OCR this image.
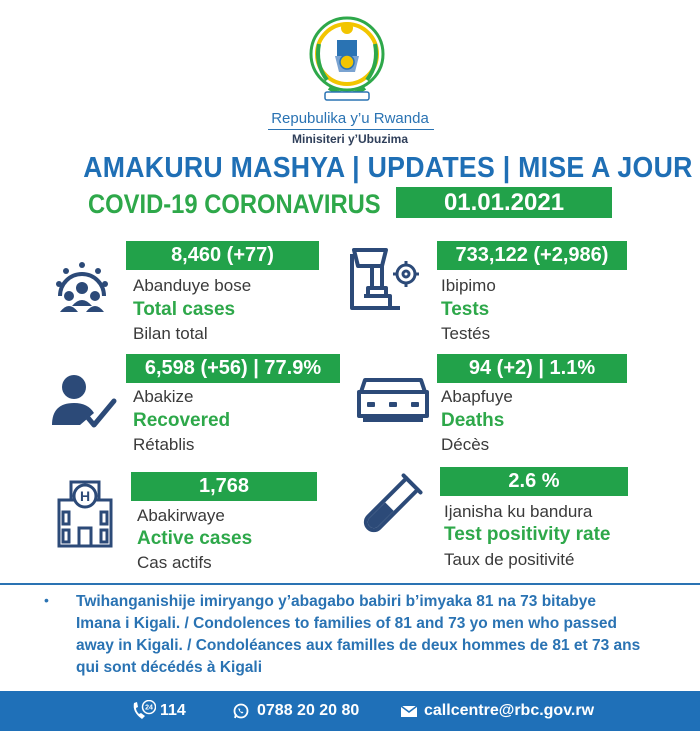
Repubulika y’u Rwanda
Minisiteri y’Ubuzima
AMAKURU MASHYA | UPDATES | MISE A JOUR
COVID-19 CORONAVIRUS	01.01.2021
8,460 (+77)
Abanduye bose
Total cases
Bilan total
733,122 (+2,986)
Ibipimo
Tests
Testés
6,598 (+56) | 77.9%
Abakize
Recovered
Rétablis
94 (+2) | 1.1%
Abapfuye
Deaths
Décès
H	1,768
Abakirwaye
Active cases
Cas actifs
2.6 %
Ijanisha ku bandura
Test positivity rate
Taux de positivité
• Twihanganishije imiryango y’abagabo babiri b’imyaka 81 na 73 bitabye Imana i Kigali. / Condolences to families of 81 and 73 yo men who passed away in Kigali. / Condoléances aux familles de deux hommes de 81 et 73 ans qui sont décédés à Kigali
24 114	0788 20 20 80	callcentre@rbc.gov.rw
